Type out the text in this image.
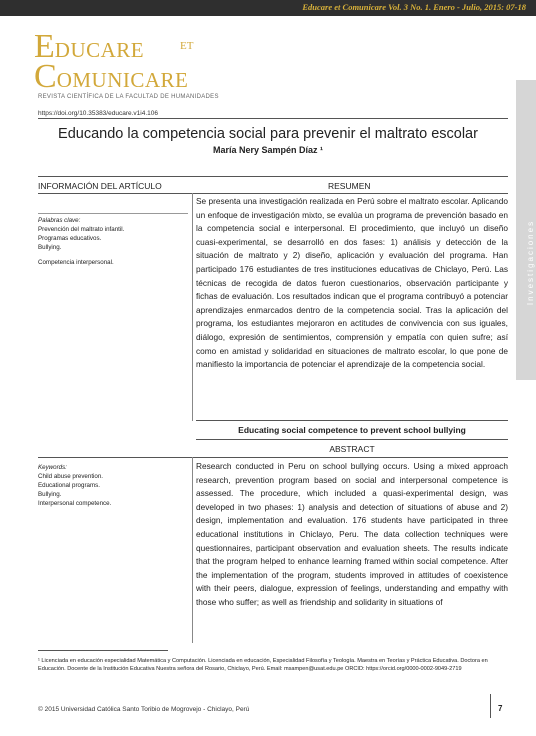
Educare et Comunicare Vol. 3 No. 1. Enero - Julio, 2015: 07-18
EDUCARE	ET
COMUNICARE
REVISTA CIENTÍFICA DE LA FACULTAD DE HUMANIDADES
https://doi.org/10.35383/educare.v1i4.106
Investigaciones
Educando la competencia social para prevenir el maltrato escolar
María Nery Sampén Díaz ¹
INFORMACIÓN DEL ARTÍCULO	RESUMEN
Palabras clave:
Prevención del maltrato infantil.
Programas educativos.
Bullying.
Competencia interpersonal.
Se presenta una investigación realizada en Perú sobre el maltrato escolar. Aplicando un enfoque de investigación mixto, se evalúa un programa de prevención basado en la competencia social e interpersonal. El procedimiento, que incluyó un diseño cuasi-experimental, se desarrolló en dos fases: 1) análisis y detección de la situación de maltrato y 2) diseño, aplicación y evaluación del programa. Han participado 176 estudiantes de tres instituciones educativas de Chiclayo, Perú. Las técnicas de recogida de datos fueron cuestionarios, observación participante y fichas de evaluación. Los resultados indican que el programa contribuyó a potenciar aprendizajes enmarcados dentro de la competencia social. Tras la aplicación del programa, los estudiantes mejoraron en actitudes de convivencia con sus iguales, diálogo, expresión de sentimientos, comprensión y empatía con quien sufre; así como en amistad y solidaridad en situaciones de maltrato escolar, lo que pone de manifiesto la importancia de potenciar el aprendizaje de la competencia social.
Educating social competence to prevent school bullying
ABSTRACT
Keywords:
Child abuse prevention.
Educational programs.
Bullying.
Interpersonal competence.
Research conducted in Peru on school bullying occurs. Using a mixed approach research, prevention program based on social and interpersonal competence is assessed. The procedure, which included a quasi-experimental design, was developed in two phases: 1) analysis and detection of situations of abuse and 2) design, implementation and evaluation. 176 students have participated in three educational institutions in Chiclayo, Peru. The data collection techniques were questionnaires, participant observation and evaluation sheets. The results indicate that the program helped to enhance learning framed within social competence. After the implementation of the program, students improved in attitudes of coexistence with their peers, dialogue, expression of feelings, understanding and empathy with those who suffer; as well as friendship and solidarity in situations of
¹ Licenciada en educación especialidad Matemática y Computación. Licenciada en educación, Especialidad Filosofía y Teología. Maestra en Teorías y Práctica Educativa. Doctora en Educación. Docente de la Institución Educativa Nuestra señora del Rosario, Chiclayo, Perú. Email: msampen@usat.edu.pe ORCID: https://orcid.org/0000-0002-9049-2719
© 2015 Universidad Católica Santo Toribio de Mogrovejo - Chiclayo, Perú	7
